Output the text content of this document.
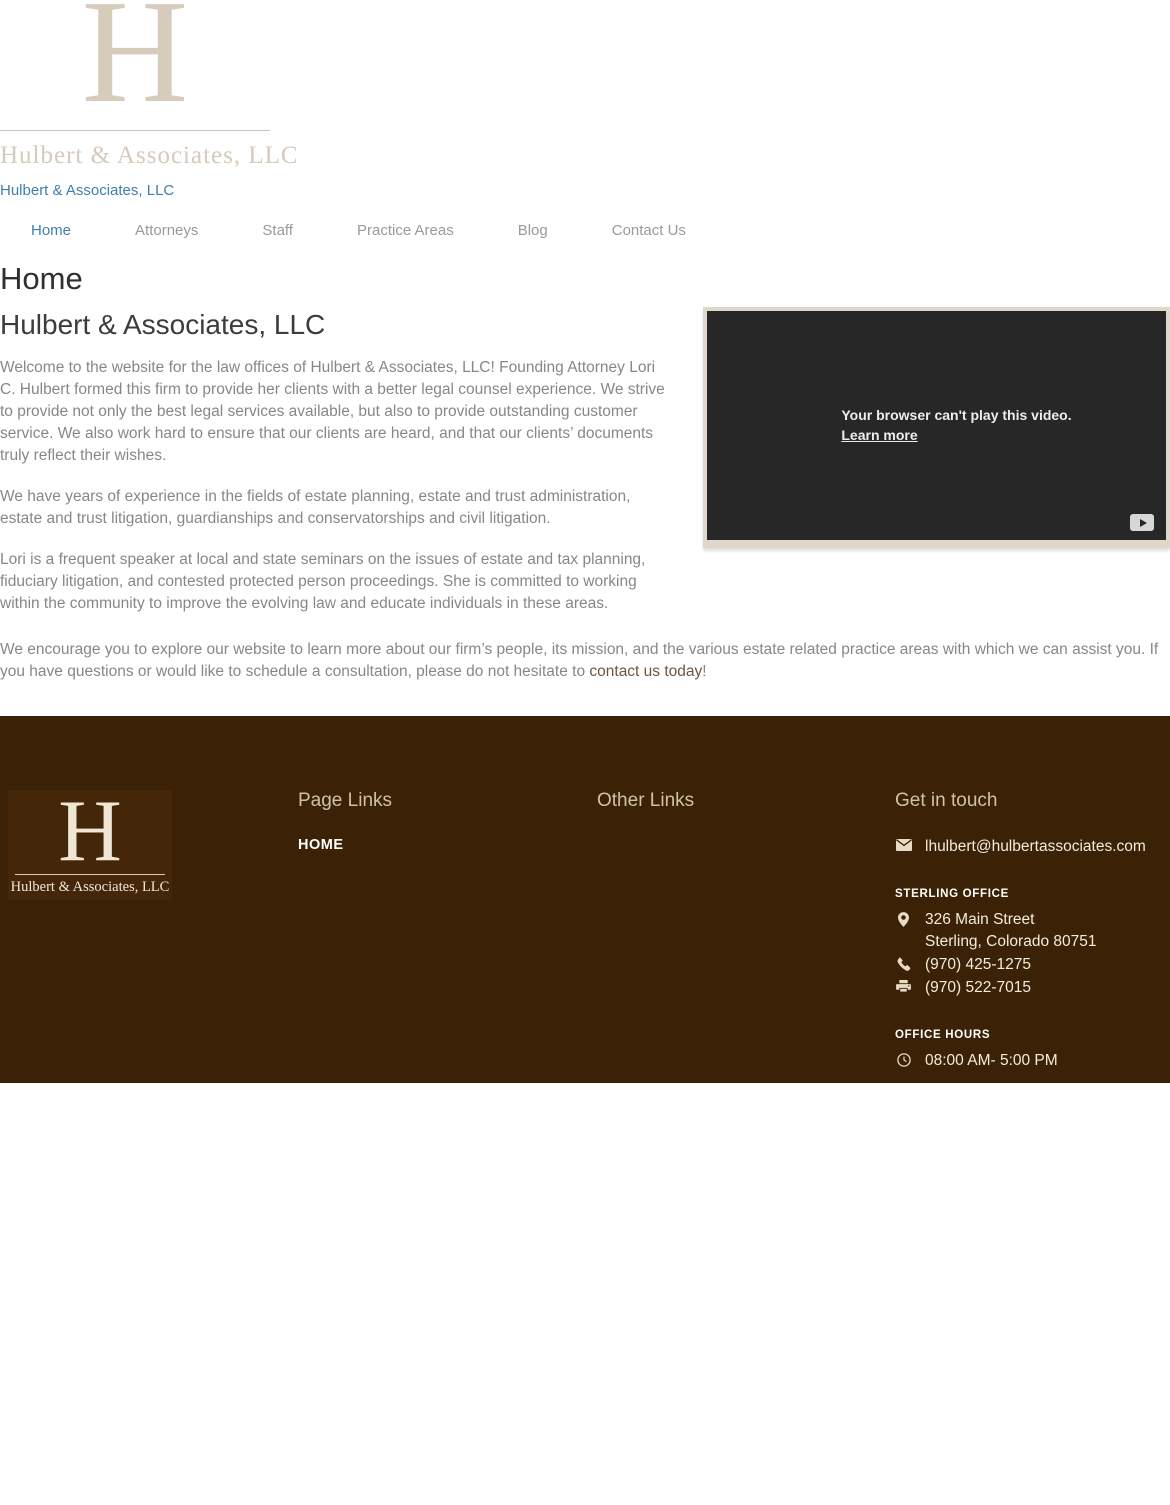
H
Hulbert & Associates, LLC
Hulbert & Associates, LLC
Home	Attorneys	Staff	Practice Areas	Blog	Contact Us
Home
Hulbert & Associates, LLC

Welcome to the website for the law offices of Hulbert & Associates, LLC! Founding Attorney Lori C. Hulbert formed this firm to provide her clients with a better legal counsel experience. We strive to provide not only the best legal services available, but also to provide outstanding customer service. We also work hard to ensure that our clients are heard, and that our clients’ documents truly reflect their wishes.

We have years of experience in the fields of estate planning, estate and trust administration, estate and trust litigation, guardianships and conservatorships and civil litigation.

Lori is a frequent speaker at local and state seminars on the issues of estate and tax planning, fiduciary litigation, and contested protected person proceedings. She is committed to working within the community to improve the evolving law and educate individuals in these areas.

Your browser can't play this video.
Learn more

We encourage you to explore our website to learn more about our firm’s people, its mission, and the various estate related practice areas with which we can assist you. If you have questions or would like to schedule a consultation, please do not hesitate to contact us today!

H
Hulbert & Associates, LLC
Page Links
HOME
Other Links	Get in touch
lhulbert@hulbertassociates.com
STERLING OFFICE
326 Main Street
Sterling, Colorado 80751
(970) 425-1275
(970) 522-7015
OFFICE HOURS
08:00 AM- 5:00 PM
